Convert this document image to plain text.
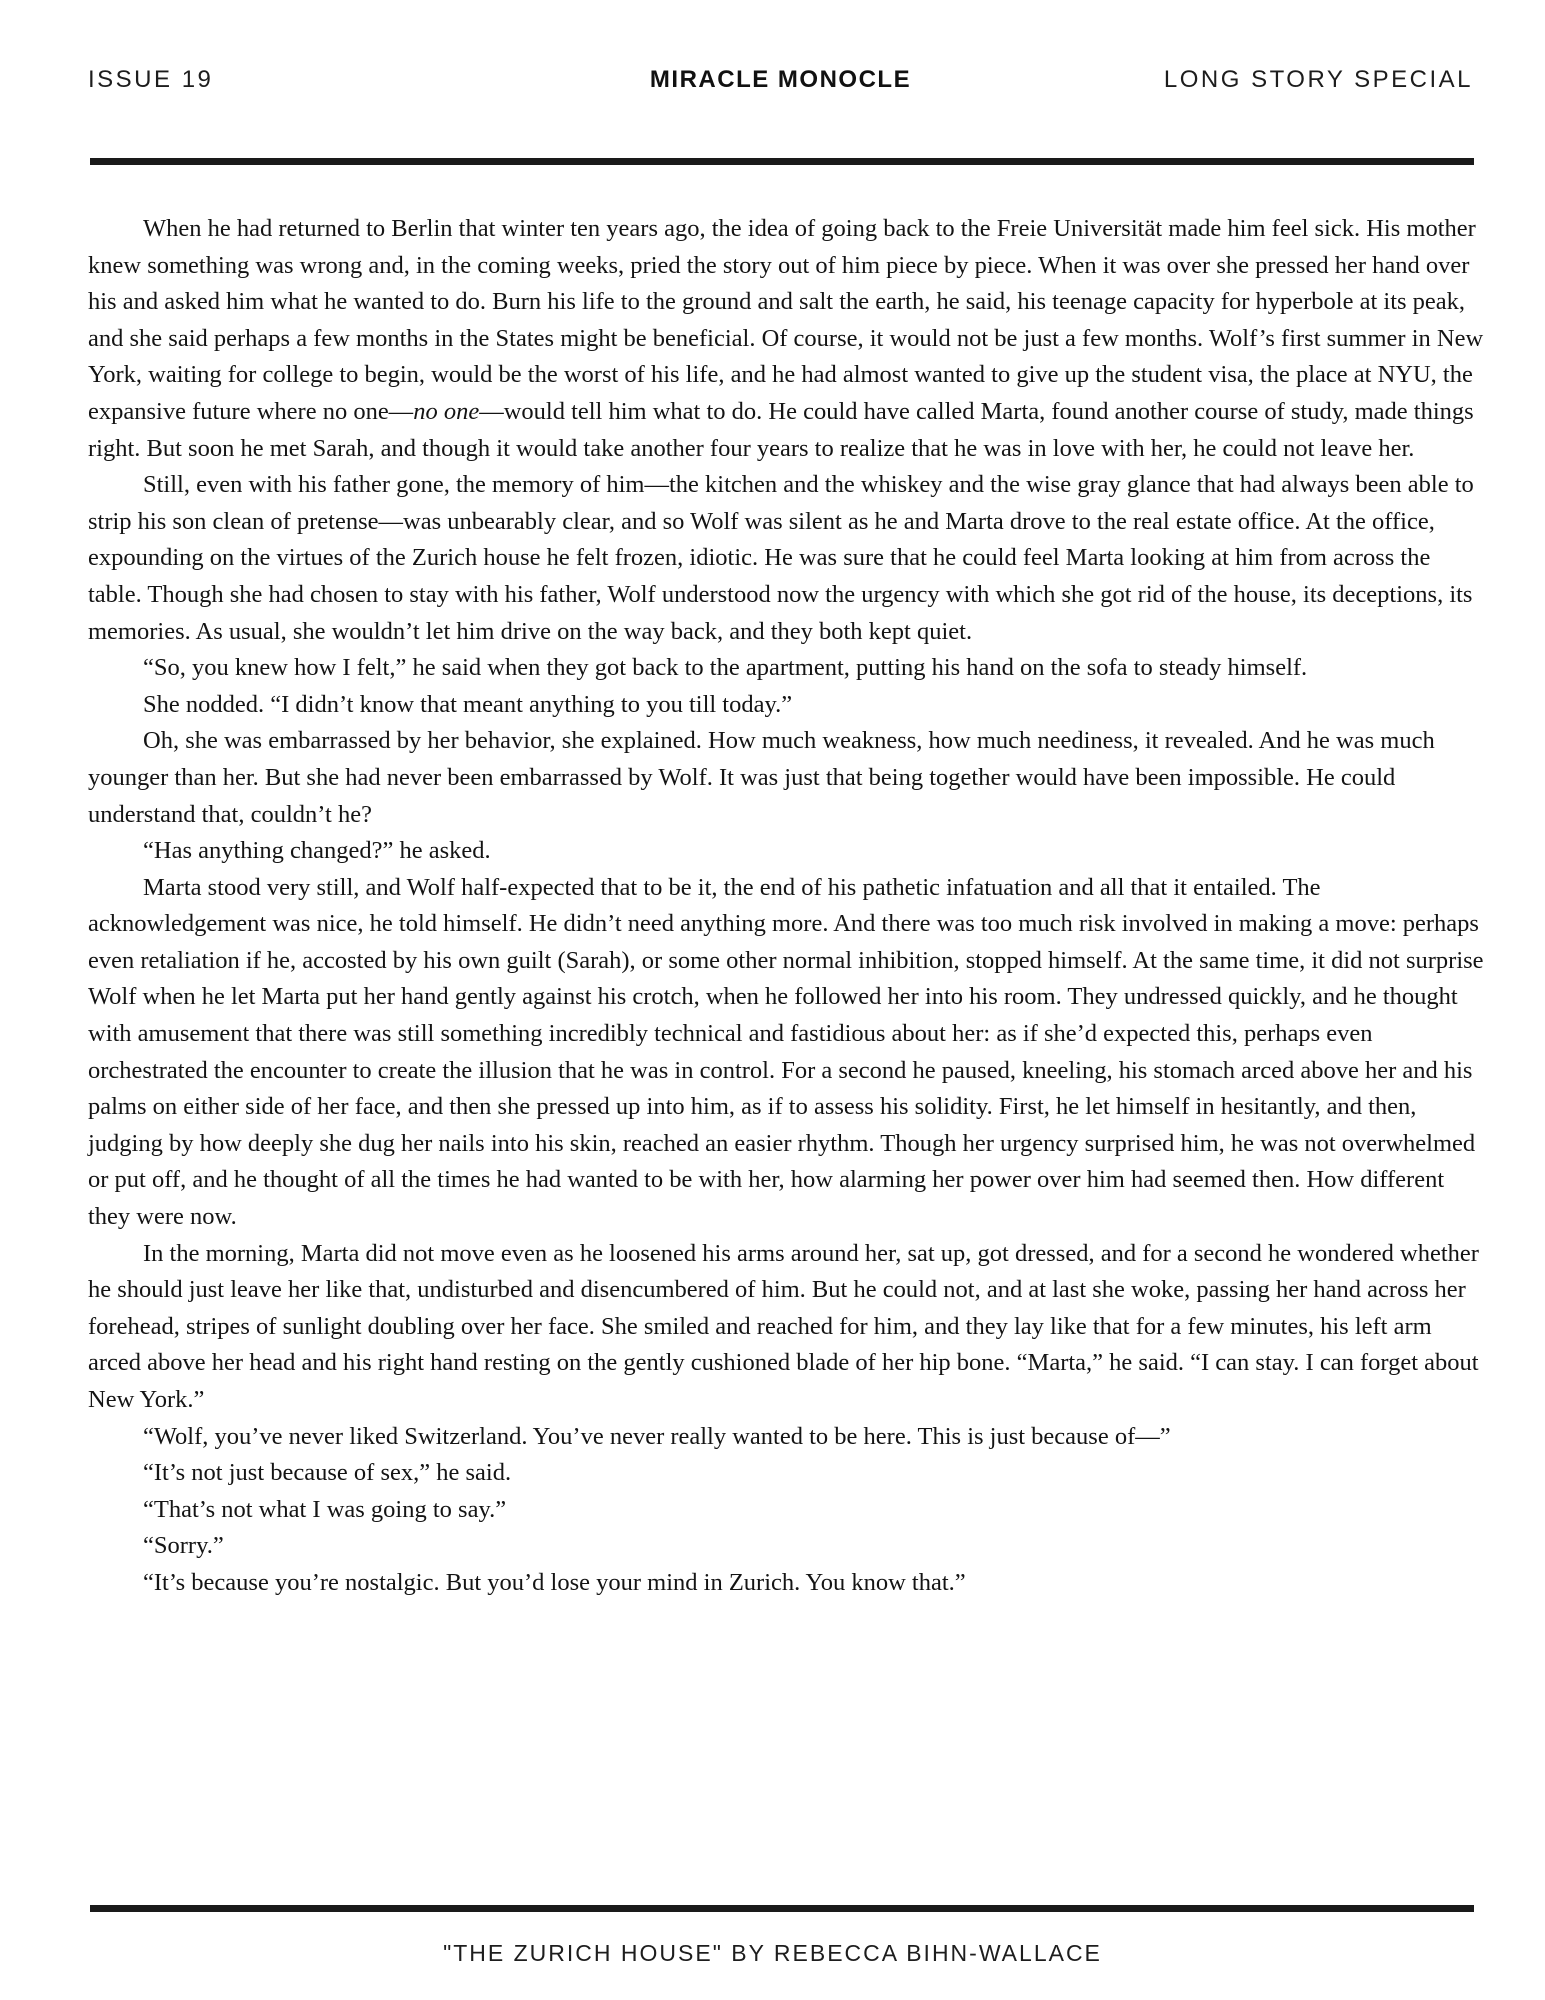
ISSUE 19	MIRACLE MONOCLE	LONG STORY SPECIAL

When he had returned to Berlin that winter ten years ago, the idea of going back to the Freie Universität made him feel sick. His mother knew something was wrong and, in the coming weeks, pried the story out of him piece by piece. When it was over she pressed her hand over his and asked him what he wanted to do. Burn his life to the ground and salt the earth, he said, his teenage capacity for hyperbole at its peak, and she said perhaps a few months in the States might be beneficial. Of course, it would not be just a few months. Wolf’s first summer in New York, waiting for college to begin, would be the worst of his life, and he had almost wanted to give up the student visa, the place at NYU, the expansive future where no one—no one—would tell him what to do. He could have called Marta, found another course of study, made things right. But soon he met Sarah, and though it would take another four years to realize that he was in love with her, he could not leave her.

Still, even with his father gone, the memory of him—the kitchen and the whiskey and the wise gray glance that had always been able to strip his son clean of pretense—was unbearably clear, and so Wolf was silent as he and Marta drove to the real estate office. At the office, expounding on the virtues of the Zurich house he felt frozen, idiotic. He was sure that he could feel Marta looking at him from across the table. Though she had chosen to stay with his father, Wolf understood now the urgency with which she got rid of the house, its deceptions, its memories. As usual, she wouldn’t let him drive on the way back, and they both kept quiet.

“So, you knew how I felt,” he said when they got back to the apartment, putting his hand on the sofa to steady himself.

She nodded. “I didn’t know that meant anything to you till today.”

Oh, she was embarrassed by her behavior, she explained. How much weakness, how much neediness, it revealed. And he was much younger than her. But she had never been embarrassed by Wolf. It was just that being together would have been impossible. He could understand that, couldn’t he?

“Has anything changed?” he asked.

Marta stood very still, and Wolf half-expected that to be it, the end of his pathetic infatuation and all that it entailed. The acknowledgement was nice, he told himself. He didn’t need anything more. And there was too much risk involved in making a move: perhaps even retaliation if he, accosted by his own guilt (Sarah), or some other normal inhibition, stopped himself. At the same time, it did not surprise Wolf when he let Marta put her hand gently against his crotch, when he followed her into his room. They undressed quickly, and he thought with amusement that there was still something incredibly technical and fastidious about her: as if she’d expected this, perhaps even orchestrated the encounter to create the illusion that he was in control. For a second he paused, kneeling, his stomach arced above her and his palms on either side of her face, and then she pressed up into him, as if to assess his solidity. First, he let himself in hesitantly, and then, judging by how deeply she dug her nails into his skin, reached an easier rhythm. Though her urgency surprised him, he was not overwhelmed or put off, and he thought of all the times he had wanted to be with her, how alarming her power over him had seemed then. How different they were now.

In the morning, Marta did not move even as he loosened his arms around her, sat up, got dressed, and for a second he wondered whether he should just leave her like that, undisturbed and disencumbered of him. But he could not, and at last she woke, passing her hand across her forehead, stripes of sunlight doubling over her face. She smiled and reached for him, and they lay like that for a few minutes, his left arm arced above her head and his right hand resting on the gently cushioned blade of her hip bone. “Marta,” he said. “I can stay. I can forget about New York.”

“Wolf, you’ve never liked Switzerland. You’ve never really wanted to be here. This is just because of—”

“It’s not just because of sex,” he said.

“That’s not what I was going to say.”

“Sorry.”

“It’s because you’re nostalgic. But you’d lose your mind in Zurich. You know that.”

"THE ZURICH HOUSE" BY REBECCA BIHN-WALLACE
